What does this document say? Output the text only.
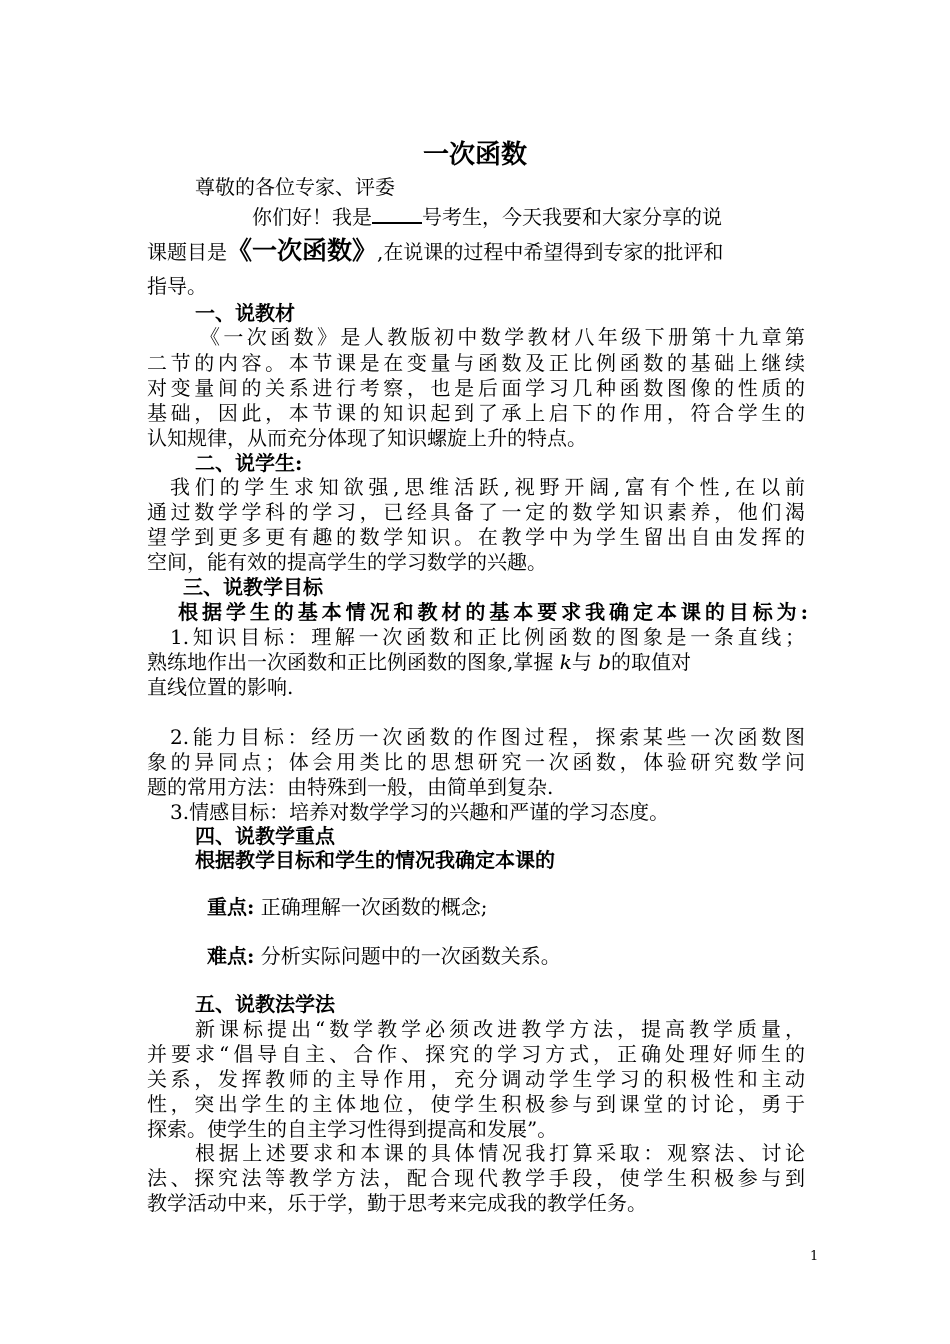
一次函数
尊敬的各位专家、评委
你们好！我是	号考生，今天我要和大家分享的说
课题目是《一次函数》,在说课的过程中希望得到专家的批评和
指导。
一、说教材
《一次函数》是人教版初中数学教材八年级下册第十九章第
二节的内容。本节课是在变量与函数及正比例函数的基础上继续
对变量间的关系进行考察，也是后面学习几种函数图像的性质的
基础，因此，本节课的知识起到了承上启下的作用，符合学生的
认知规律，从而充分体现了知识螺旋上升的特点。
二、说学生:
我们的学生求知欲强,思维活跃,视野开阔,富有个性,在以前
通过数学学科的学习，已经具备了一定的数学知识素养，他们渴
望学到更多更有趣的数学知识。在教学中为学生留出自由发挥的
空间，能有效的提高学生的学习数学的兴趣。
三、说教学目标
根据学生的基本情况和教材的基本要求我确定本课的目标为:
1.知识目标：理解一次函数和正比例函数的图象是一条直线；
熟练地作出一次函数和正比例函数的图象,掌握 k与 b的取值对
直线位置的影响.
2.能力目标：经历一次函数的作图过程，探索某些一次函数图
象的异同点；体会用类比的思想研究一次函数，体验研究数学问
题的常用方法：由特殊到一般，由简单到复杂.
3.情感目标：培养对数学学习的兴趣和严谨的学习态度。
四、说教学重点
根据教学目标和学生的情况我确定本课的
重点: 正确理解一次函数的概念;
难点: 分析实际问题中的一次函数关系。
五、说教法学法
新课标提出“数学教学必须改进教学方法，提高教学质量，
并要求“倡导自主、合作、探究的学习方式，正确处理好师生的
关系，发挥教师的主导作用，充分调动学生学习的积极性和主动
性，突出学生的主体地位，使学生积极参与到课堂的讨论，勇于
探索。使学生的自主学习性得到提高和发展”。
根据上述要求和本课的具体情况我打算采取：观察法、讨论
法、探究法等教学方法，配合现代教学手段，使学生积极参与到
教学活动中来，乐于学，勤于思考来完成我的教学任务。
1
